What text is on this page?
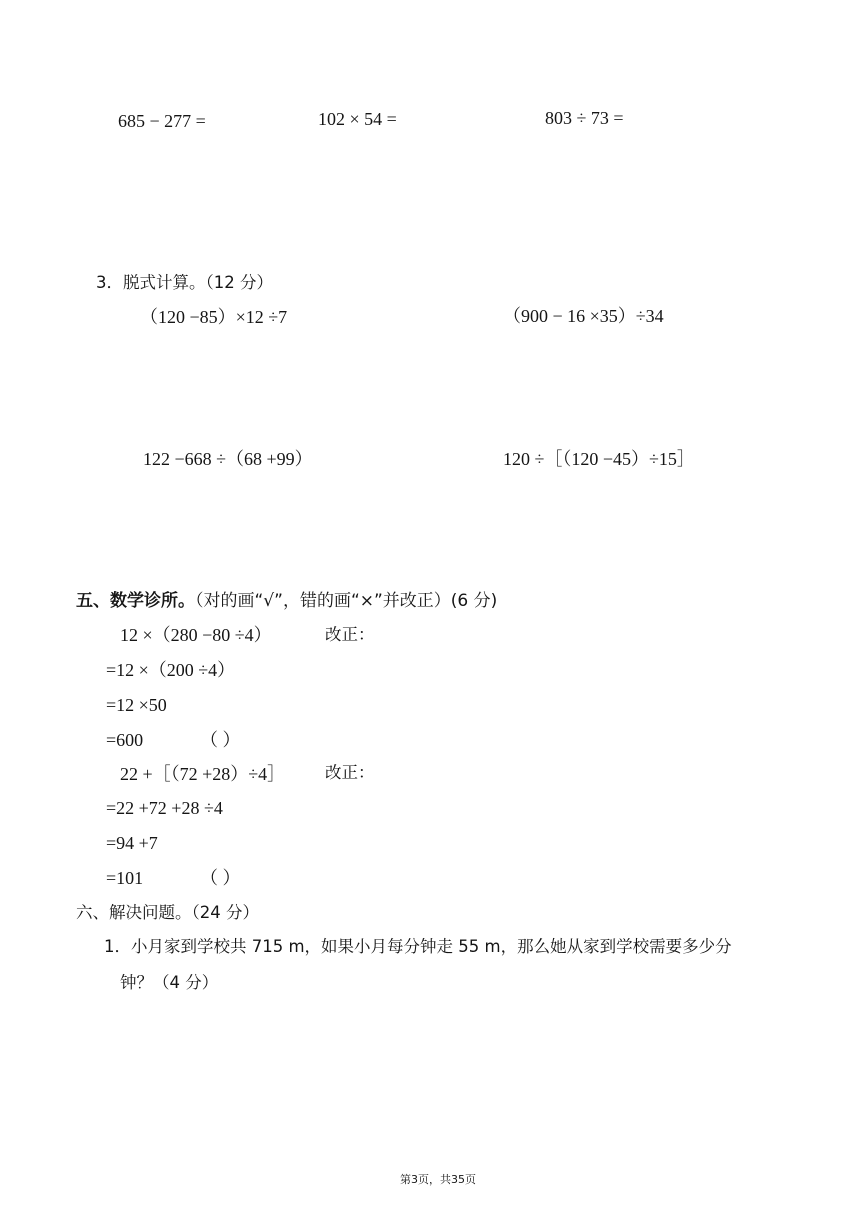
685 − 277 =	102 × 54 =	803 ÷ 73 =
3．脱式计算。（12 分）
（120 −85）×12 ÷7	（900 − 16 ×35）÷34
122 −668 ÷（68 +99）	120 ÷［（120 −45）÷15］
五、数学诊所。（对的画“√”，错的画“×”并改正）(6 分)
12 ×（280 −80 ÷4）	改正：
=12 ×（200 ÷4）
=12 ×50
=600	（ ）
22 +［（72 +28）÷4］ 改正：
=22 +72 +28 ÷4
=94 +7
=101	（ ）
六、解决问题。（24 分）
1．小月家到学校共 715 m，如果小月每分钟走 55 m，那么她从家到学校需要多少分
钟？（4 分）
第3页，共35页
